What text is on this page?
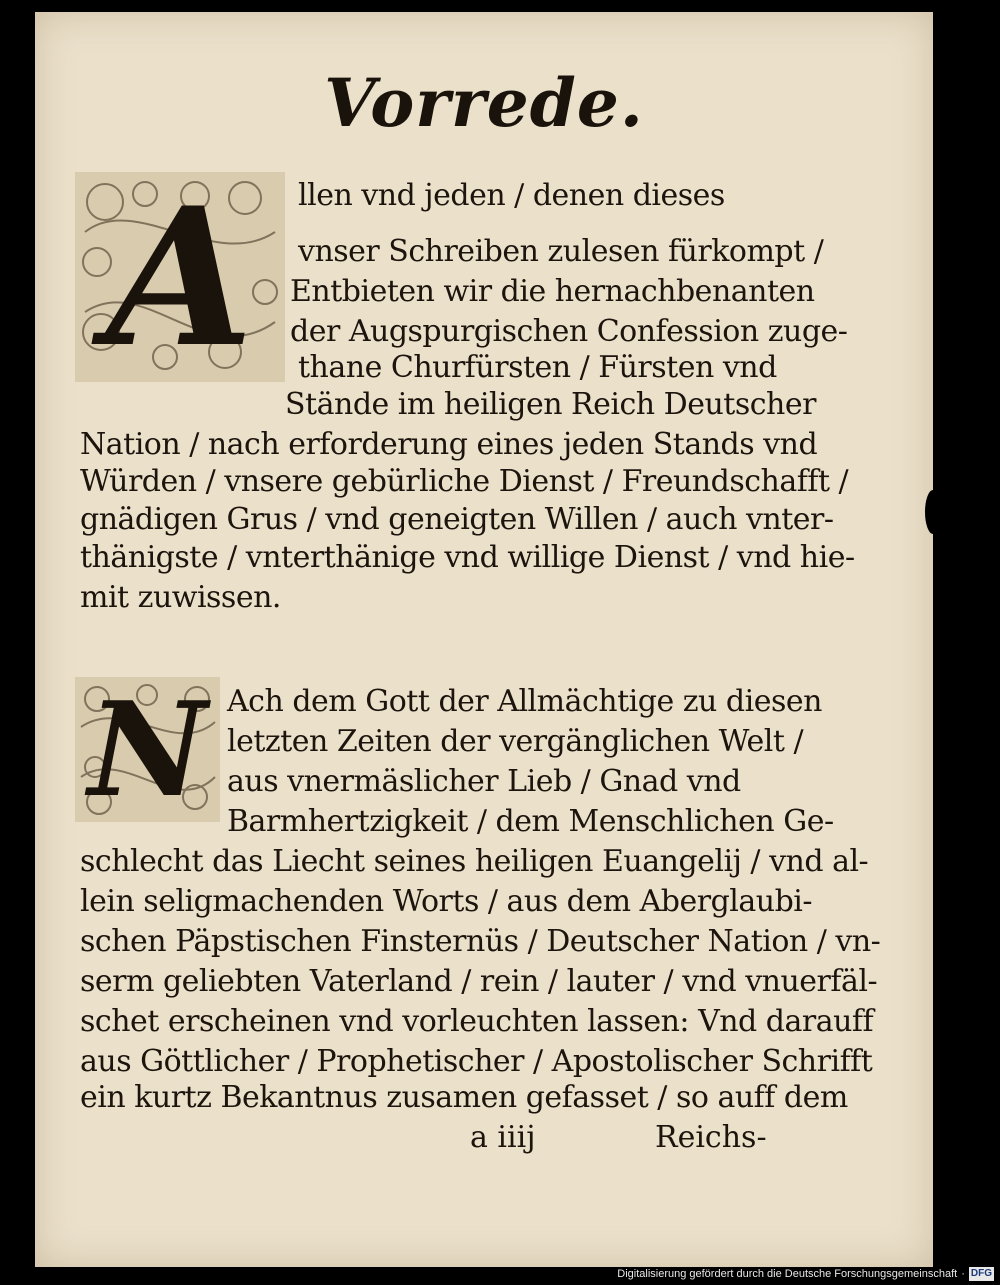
Vorrede.
A llen vnd jeden / denen dieses
vnser Schreiben zulesen fürkompt /
Entbieten wir die hernachbenanten
der Augspurgischen Confession zuge-
thane Churfürsten / Fürsten vnd
Stände im heiligen Reich Deutscher
Nation / nach erforderung eines jeden Stands vnd
Würden / vnsere gebürliche Dienst / Freundschafft /
gnädigen Grus / vnd geneigten Willen / auch vnter-
thänigste / vnterthänige vnd willige Dienst / vnd hie-
mit zuwissen.
N Ach dem Gott der Allmächtige zu diesen
letzten Zeiten der vergänglichen Welt /
aus vnermäslicher Lieb / Gnad vnd
Barmhertzigkeit / dem Menschlichen Ge-
schlecht das Liecht seines heiligen Euangelij / vnd al-
lein seligmachenden Worts / aus dem Aberglaubi-
schen Päpstischen Finsternüs / Deutscher Nation / vn-
serm geliebten Vaterland / rein / lauter / vnd vnuerfäl-
schet erscheinen vnd vorleuchten lassen: Vnd darauff
aus Göttlicher / Prophetischer / Apostolischer Schrifft
ein kurtz Bekantnus zusamen gefasset / so auff dem
a iiij	Reichs-
Digitalisierung gefördert durch die Deutsche Forschungsgemeinschaft · DFG
